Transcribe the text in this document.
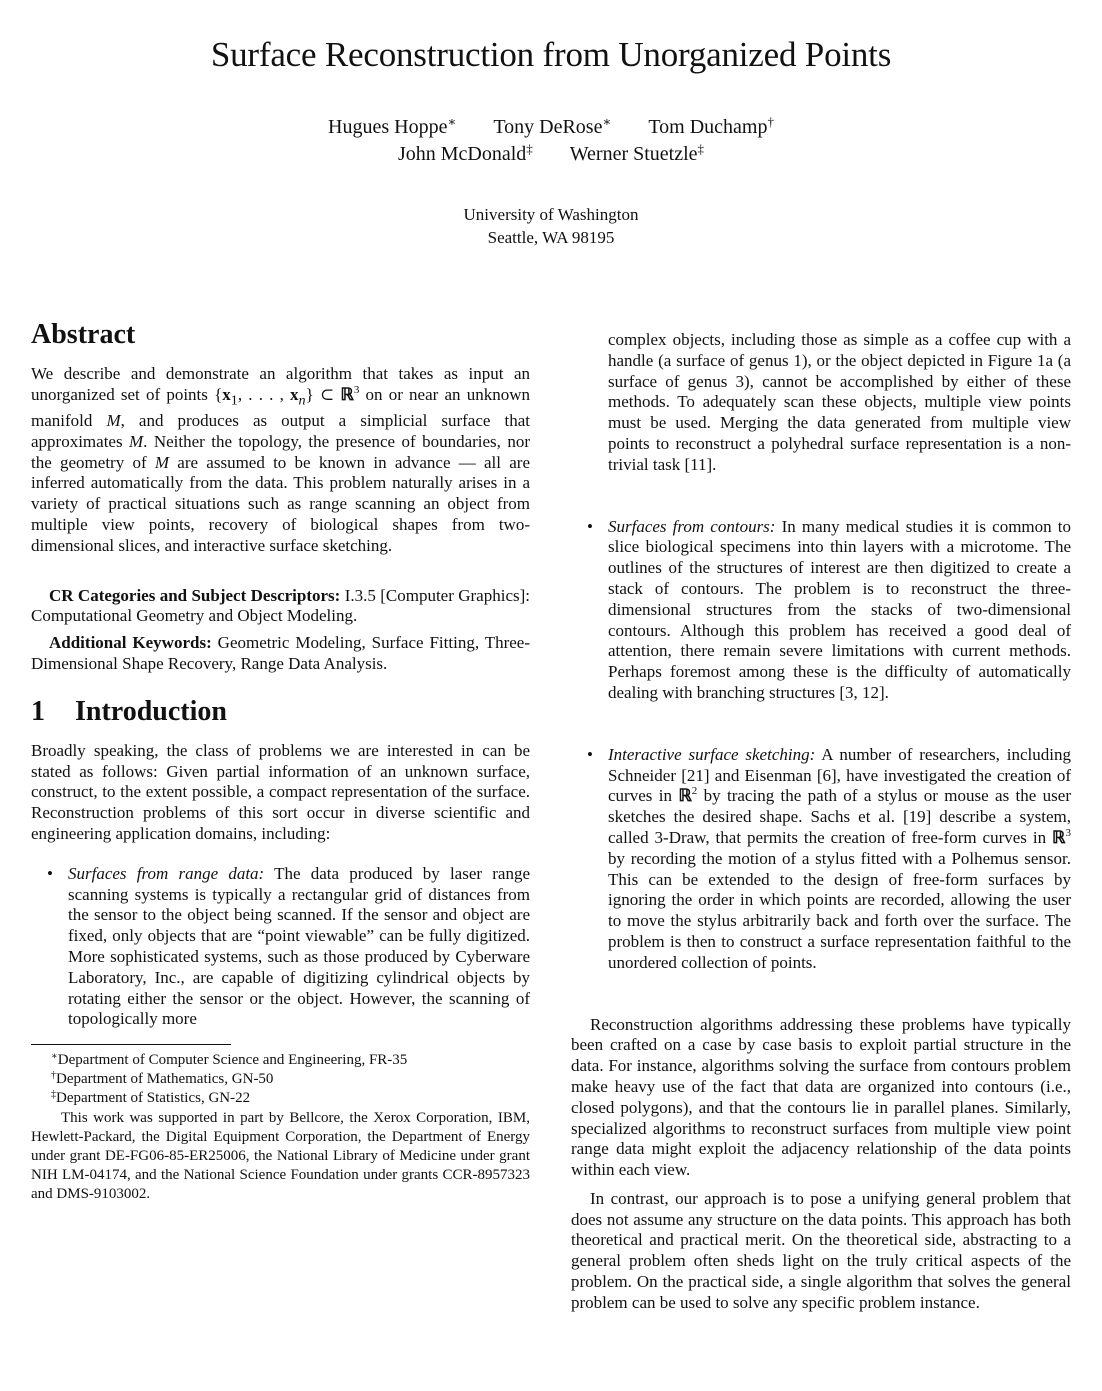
Surface Reconstruction from Unorganized Points
Hugues Hoppe∗ Tony DeRose∗ Tom Duchamp†
John McDonald‡ Werner Stuetzle‡
University of Washington
Seattle, WA 98195
Abstract

We describe and demonstrate an algorithm that takes as input an unorganized set of points {$x_1$, . . . , $x_n$} ⊂ ℝ$^3$ on or near an unknown manifold M, and produces as output a simplicial surface that approximates M. Neither the topology, the presence of boundaries, nor the geometry of M are assumed to be known in advance — all are inferred automatically from the data. This problem naturally arises in a variety of practical situations such as range scanning an object from multiple view points, recovery of biological shapes from two-dimensional slices, and interactive surface sketching.

CR Categories and Subject Descriptors: I.3.5 [Computer Graphics]: Computational Geometry and Object Modeling.

Additional Keywords: Geometric Modeling, Surface Fitting, Three-Dimensional Shape Recovery, Range Data Analysis.

1 Introduction

Broadly speaking, the class of problems we are interested in can be stated as follows: Given partial information of an unknown surface, construct, to the extent possible, a compact representation of the surface. Reconstruction problems of this sort occur in diverse scientific and engineering application domains, including:

• Surfaces from range data: The data produced by laser range scanning systems is typically a rectangular grid of distances from the sensor to the object being scanned. If the sensor and object are fixed, only objects that are “point viewable” can be fully digitized. More sophisticated systems, such as those produced by Cyberware Laboratory, Inc., are capable of digitizing cylindrical objects by rotating either the sensor or the object. However, the scanning of topologically more

complex objects, including those as simple as a coffee cup with a handle (a surface of genus 1), or the object depicted in Figure 1a (a surface of genus 3), cannot be accomplished by either of these methods. To adequately scan these objects, multiple view points must be used. Merging the data generated from multiple view points to reconstruct a polyhedral surface representation is a non-trivial task [11].

• Surfaces from contours: In many medical studies it is common to slice biological specimens into thin layers with a microtome. The outlines of the structures of interest are then digitized to create a stack of contours. The problem is to reconstruct the three-dimensional structures from the stacks of two-dimensional contours. Although this problem has received a good deal of attention, there remain severe limitations with current methods. Perhaps foremost among these is the difficulty of automatically dealing with branching structures [3, 12].
• Interactive surface sketching: A number of researchers, including Schneider [21] and Eisenman [6], have investigated the creation of curves in ℝ$^2$ by tracing the path of a stylus or mouse as the user sketches the desired shape. Sachs et al. [19] describe a system, called 3-Draw, that permits the creation of free-form curves in ℝ$^3$ by recording the motion of a stylus fitted with a Polhemus sensor. This can be extended to the design of free-form surfaces by ignoring the order in which points are recorded, allowing the user to move the stylus arbitrarily back and forth over the surface. The problem is then to construct a surface representation faithful to the unordered collection of points.

Reconstruction algorithms addressing these problems have typically been crafted on a case by case basis to exploit partial structure in the data. For instance, algorithms solving the surface from contours problem make heavy use of the fact that data are organized into contours (i.e., closed polygons), and that the contours lie in parallel planes. Similarly, specialized algorithms to reconstruct surfaces from multiple view point range data might exploit the adjacency relationship of the data points within each view.

In contrast, our approach is to pose a unifying general problem that does not assume any structure on the data points. This approach has both theoretical and practical merit. On the theoretical side, abstracting to a general problem often sheds light on the truly critical aspects of the problem. On the practical side, a single algorithm that solves the general problem can be used to solve any specific problem instance.

∗Department of Computer Science and Engineering, FR-35
†Department of Mathematics, GN-50
‡Department of Statistics, GN-22
This work was supported in part by Bellcore, the Xerox Corporation, IBM, Hewlett-Packard, the Digital Equipment Corporation, the Department of Energy under grant DE-FG06-85-ER25006, the National Library of Medicine under grant NIH LM-04174, and the National Science Foundation under grants CCR-8957323 and DMS-9103002.
